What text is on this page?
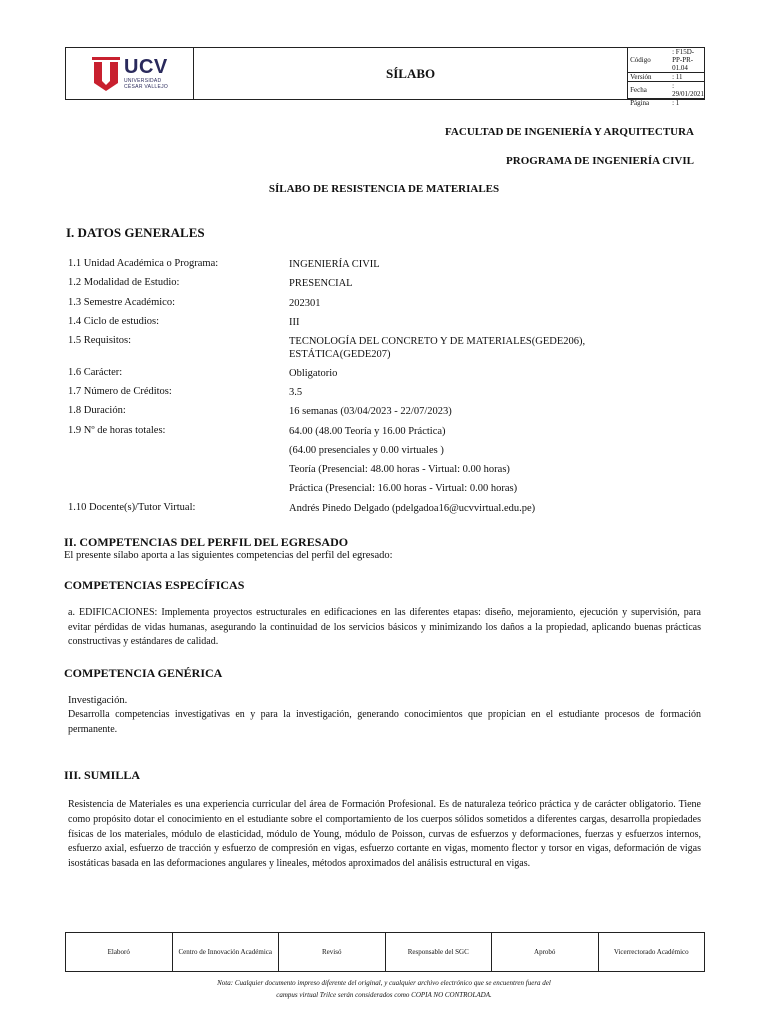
UCV
UNIVERSIDAD
CÉSAR VALLEJO
SÍLABO
Código
: F15D-PP-PR-01.04
Versión	: 11
Fecha	: 29/01/2021
Página	: 1
FACULTAD DE INGENIERÍA Y ARQUITECTURA
PROGRAMA DE INGENIERÍA CIVIL
SÍLABO DE RESISTENCIA DE MATERIALES
I. DATOS GENERALES
1.1 Unidad Académica o Programa:	INGENIERÍA CIVIL
1.2 Modalidad de Estudio:	PRESENCIAL
1.3 Semestre Académico:	202301
1.4 Ciclo de estudios:	III
1.5 Requisitos:	TECNOLOGÍA DEL CONCRETO Y DE MATERIALES(GEDE206),
ESTÁTICA(GEDE207)
1.6 Carácter:	Obligatorio
1.7 Número de Créditos:	3.5
1.8 Duración:	16 semanas (03/04/2023 - 22/07/2023)
1.9 Nº de horas totales:	64.00 (48.00 Teoría y 16.00 Práctica)
(64.00 presenciales y 0.00 virtuales )
Teoría (Presencial: 48.00 horas - Virtual: 0.00 horas)
Práctica (Presencial: 16.00 horas - Virtual: 0.00 horas)
1.10 Docente(s)/Tutor Virtual:	Andrés Pinedo Delgado (pdelgadoa16@ucvvirtual.edu.pe)
II. COMPETENCIAS DEL PERFIL DEL EGRESADO
El presente sílabo aporta a las siguientes competencias del perfil del egresado:
COMPETENCIAS ESPECÍFICAS
a. EDIFICACIONES: Implementa proyectos estructurales en edificaciones en las diferentes etapas: diseño, mejoramiento, ejecución y supervisión, para evitar pérdidas de vidas humanas, asegurando la continuidad de los servicios básicos y minimizando los daños a la propiedad, aplicando buenas prácticas constructivas y estándares de calidad.
COMPETENCIA GENÉRICA
Investigación.
Desarrolla competencias investigativas en y para la investigación, generando conocimientos que propician en el estudiante procesos de formación permanente.
III. SUMILLA
Resistencia de Materiales es una experiencia curricular del área de Formación Profesional. Es de naturaleza teórico práctica y de carácter obligatorio. Tiene como propósito dotar el conocimiento en el estudiante sobre el comportamiento de los cuerpos sólidos sometidos a diferentes cargas, desarrolla propiedades físicas de los materiales, módulo de elasticidad, módulo de Young, módulo de Poisson, curvas de esfuerzos y deformaciones, fuerzas y esfuerzos internos, esfuerzo axial, esfuerzo de tracción y esfuerzo de compresión en vigas, esfuerzo cortante en vigas, momento flector y torsor en vigas, deformación de vigas isostáticas basada en las deformaciones angulares y lineales, métodos aproximados del análisis estructural en vigas.
Elaboró	Centro de Innovación Académica	Revisó	Responsable del SGC	Aprobó	Vicerrectorado Académico
Nota: Cualquier documento impreso diferente del original, y cualquier archivo electrónico que se encuentren fuera del
campus virtual Trilce serán considerados como COPIA NO CONTROLADA.
